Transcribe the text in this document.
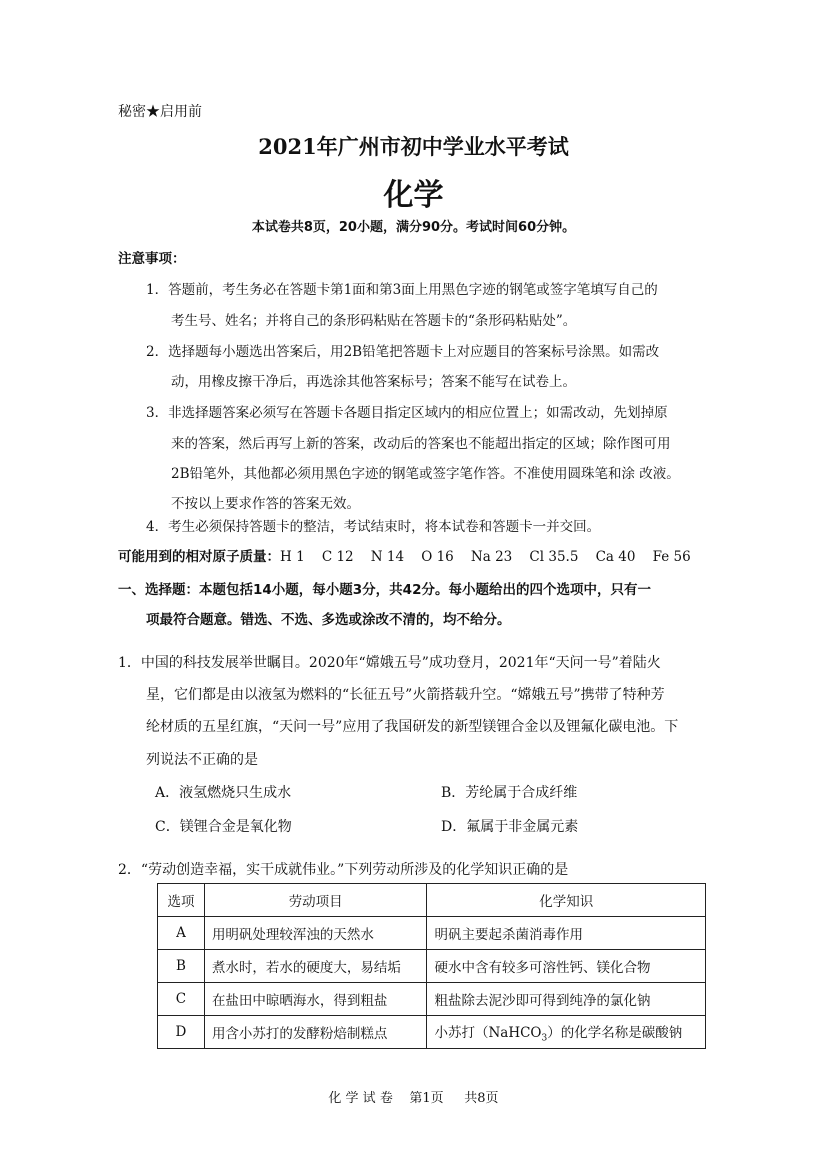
秘密★启用前
2021年广州市初中学业水平考试
化学
本试卷共8页，20小题，满分90分。考试时间60分钟。
注意事项：
1．答题前，考生务必在答题卡第1面和第3面上用黑色字迹的钢笔或签字笔填写自己的
考生号、姓名；并将自己的条形码粘贴在答题卡的“条形码粘贴处”。
2．选择题每小题选出答案后，用2B铅笔把答题卡上对应题目的答案标号涂黑。如需改
动，用橡皮擦干净后，再选涂其他答案标号；答案不能写在试卷上。
3．非选择题答案必须写在答题卡各题目指定区域内的相应位置上；如需改动，先划掉原
来的答案，然后再写上新的答案，改动后的答案也不能超出指定的区域；除作图可用
2B铅笔外，其他都必须用黑色字迹的钢笔或签字笔作答。不准使用圆珠笔和涂 改液。
不按以上要求作答的答案无效。
4．考生必须保持答题卡的整洁，考试结束时，将本试卷和答题卡一并交回。
可能用到的相对原子质量：H 1    C 12    N 14    O 16    Na 23    Cl 35.5    Ca 40    Fe 56
一、选择题：本题包括14小题，每小题3分，共42分。每小题给出的四个选项中，只有一
项最符合题意。错选、不选、多选或涂改不清的，均不给分。
1．中国的科技发展举世瞩目。2020年“嫦娥五号”成功登月，2021年“天问一号”着陆火
星，它们都是由以液氢为燃料的“长征五号”火箭搭载升空。“嫦娥五号”携带了特种芳
纶材质的五星红旗，“天问一号”应用了我国研发的新型镁锂合金以及锂氟化碳电池。下
列说法不正确的是
A．液氢燃烧只生成水	B．芳纶属于合成纤维
C．镁锂合金是氧化物	D．氟属于非金属元素
2．“劳动创造幸福，实干成就伟业。”下列劳动所涉及的化学知识正确的是
选项	劳动项目	化学知识
A	用明矾处理较浑浊的天然水	明矾主要起杀菌消毒作用
B	煮水时，若水的硬度大，易结垢	硬水中含有较多可溶性钙、镁化合物
C	在盐田中晾晒海水，得到粗盐	粗盐除去泥沙即可得到纯净的氯化钠
D	用含小苏打的发酵粉焙制糕点	小苏打（NaHCO$_3$）的化学名称是碳酸钠
化 学 试 卷    第1页     共8页
